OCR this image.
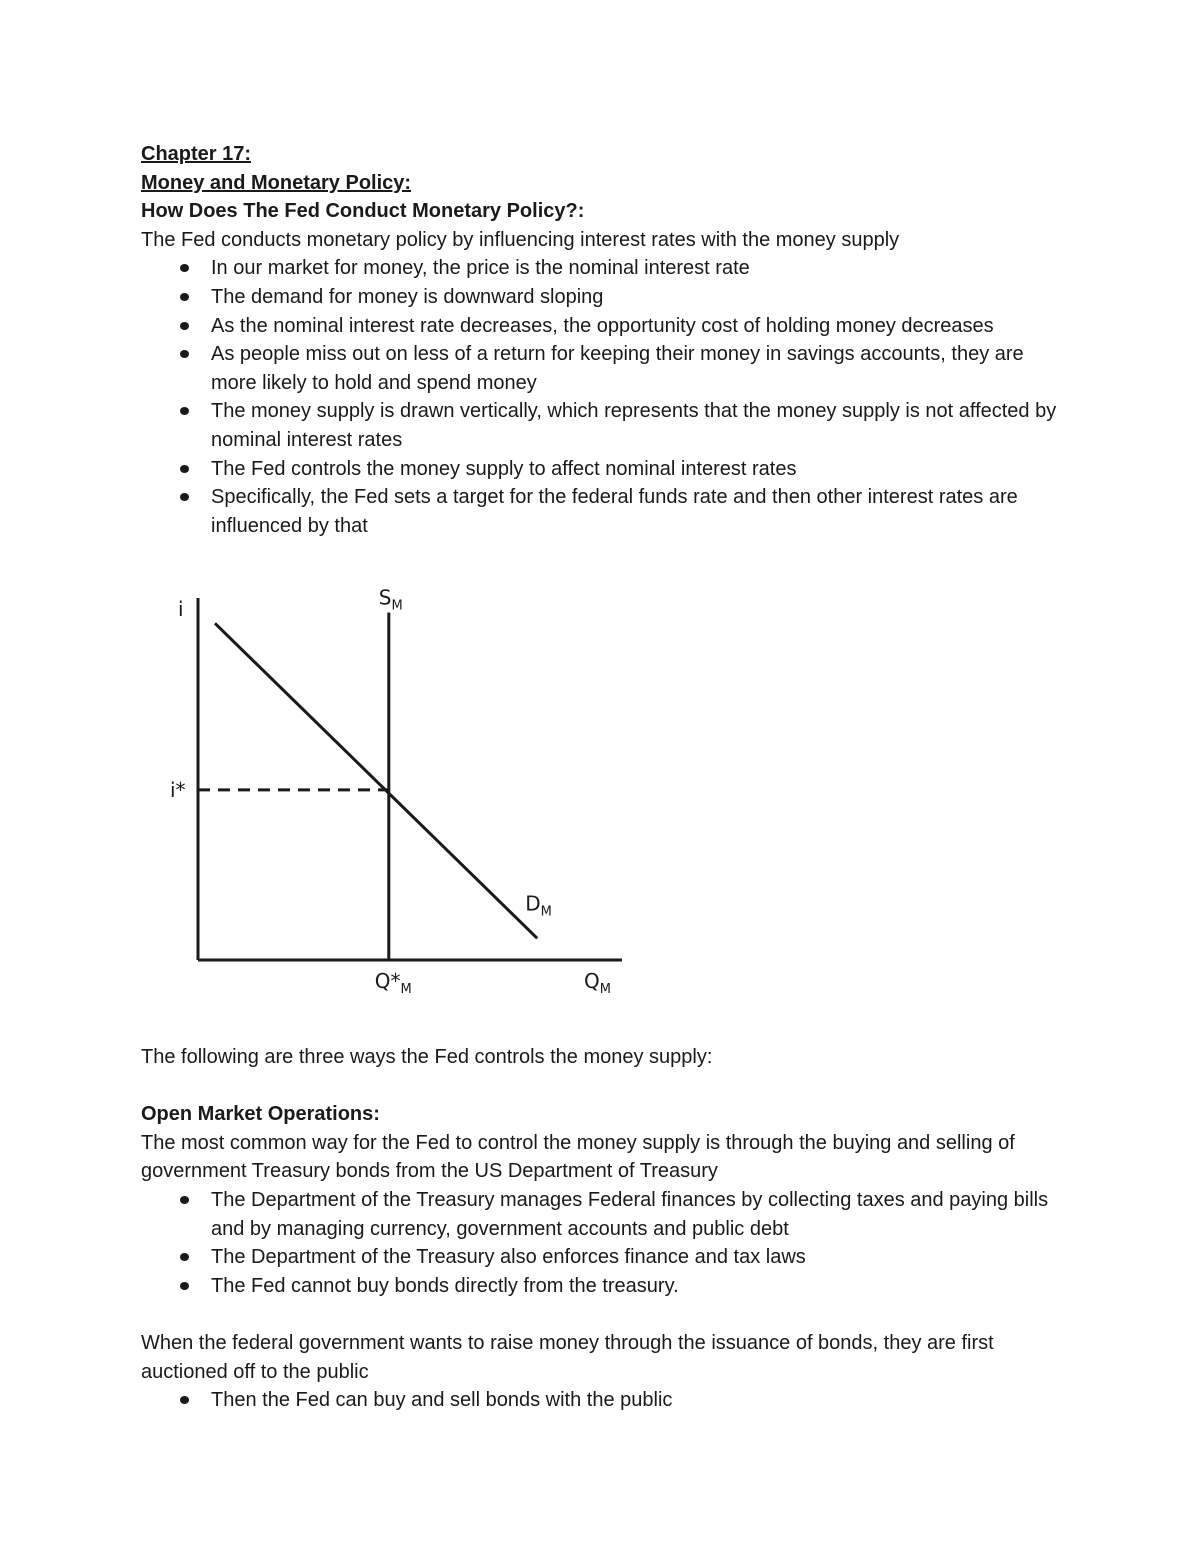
Chapter 17:

Money and Monetary Policy:

How Does The Fed Conduct Monetary Policy?:

The Fed conducts monetary policy by influencing interest rates with the money supply

In our market for money, the price is the nominal interest rate
The demand for money is downward sloping
As the nominal interest rate decreases, the opportunity cost of holding money decreases
As people miss out on less of a return for keeping their money in savings accounts, they are more likely to hold and spend money
The money supply is drawn vertically, which represents that the money supply is not affected by nominal interest rates
The Fed controls the money supply to affect nominal interest rates
Specifically, the Fed sets a target for the federal funds rate and then other interest rates are influenced by that
i
i*
$S_M$
$D_M$
$Q*_M$	$Q_M$

The following are three ways the Fed controls the money supply:

Open Market Operations:

The most common way for the Fed to control the money supply is through the buying and selling of government Treasury bonds from the US Department of Treasury

The Department of the Treasury manages Federal finances by collecting taxes and paying bills and by managing currency, government accounts and public debt
The Department of the Treasury also enforces finance and tax laws
The Fed cannot buy bonds directly from the treasury.

When the federal government wants to raise money through the issuance of bonds, they are first auctioned off to the public

Then the Fed can buy and sell bonds with the public
